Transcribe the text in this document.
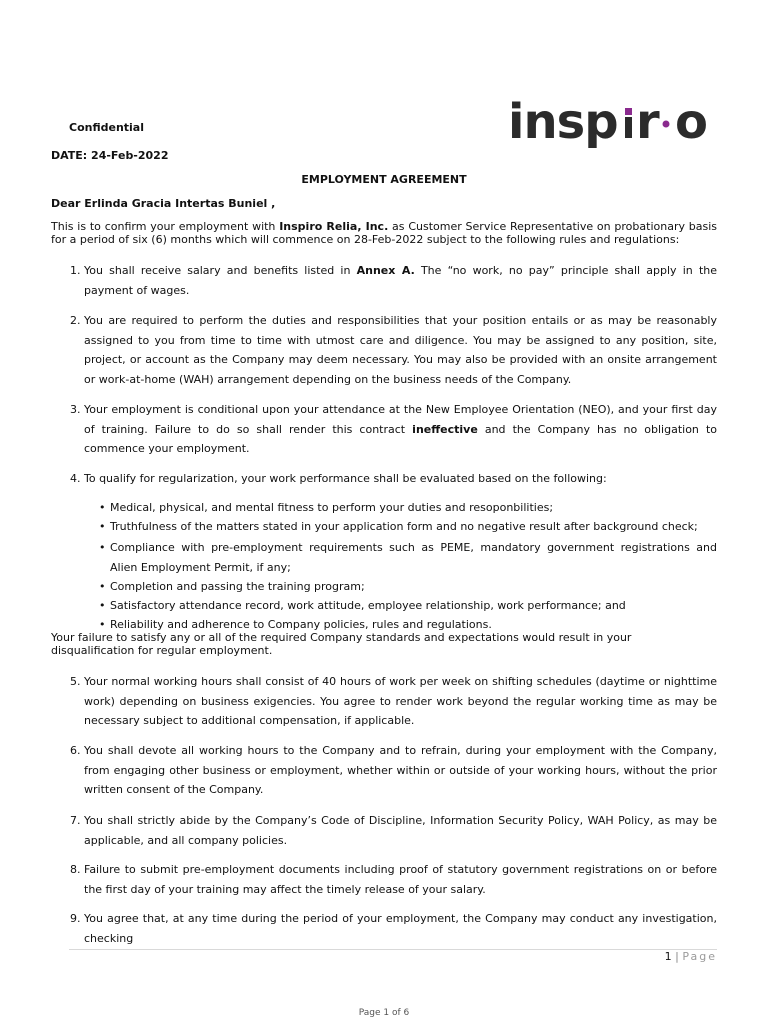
insp r o
Confidential
DATE: 24-Feb-2022
EMPLOYMENT AGREEMENT
Dear Erlinda Gracia Intertas Buniel ,
This is to confirm your employment with Inspiro Relia, Inc. as Customer Service Representative on probationary basis for a period of six (6) months which will commence on 28-Feb-2022 subject to the following rules and regulations:
1. You shall receive salary and benefits listed in Annex A. The “no work, no pay” principle shall apply in the payment of wages.
2. You are required to perform the duties and responsibilities that your position entails or as may be reasonably assigned to you from time to time with utmost care and diligence. You may be assigned to any position, site, project, or account as the Company may deem necessary. You may also be provided with an onsite arrangement or work-at-home (WAH) arrangement depending on the business needs of the Company.
3. Your employment is conditional upon your attendance at the New Employee Orientation (NEO), and your first day of training. Failure to do so shall render this contract ineffective and the Company has no obligation to commence your employment.
4. To qualify for regularization, your work performance shall be evaluated based on the following:
• Medical, physical, and mental fitness to perform your duties and resoponbilities;
• Truthfulness of the matters stated in your application form and no negative result after background check;
• Compliance with pre-employment requirements such as PEME, mandatory government registrations and Alien Employment Permit, if any;
• Completion and passing the training program;
• Satisfactory attendance record, work attitude, employee relationship, work performance; and
• Reliability and adherence to Company policies, rules and regulations.
Your failure to satisfy any or all of the required Company standards and expectations would result in your disqualification for regular employment.
5. Your normal working hours shall consist of 40 hours of work per week on shifting schedules (daytime or nighttime work) depending on business exigencies. You agree to render work beyond the regular working time as may be necessary subject to additional compensation, if applicable.
6. You shall devote all working hours to the Company and to refrain, during your employment with the Company, from engaging other business or employment, whether within or outside of your working hours, without the prior written consent of the Company.
7. You shall strictly abide by the Company’s Code of Discipline, Information Security Policy, WAH Policy, as may be applicable, and all company policies.
8. Failure to submit pre-employment documents including proof of statutory government registrations on or before the first day of your training may affect the timely release of your salary.
9. You agree that, at any time during the period of your employment, the Company may conduct any investigation, checking
1 | Page
Page 1 of 6
